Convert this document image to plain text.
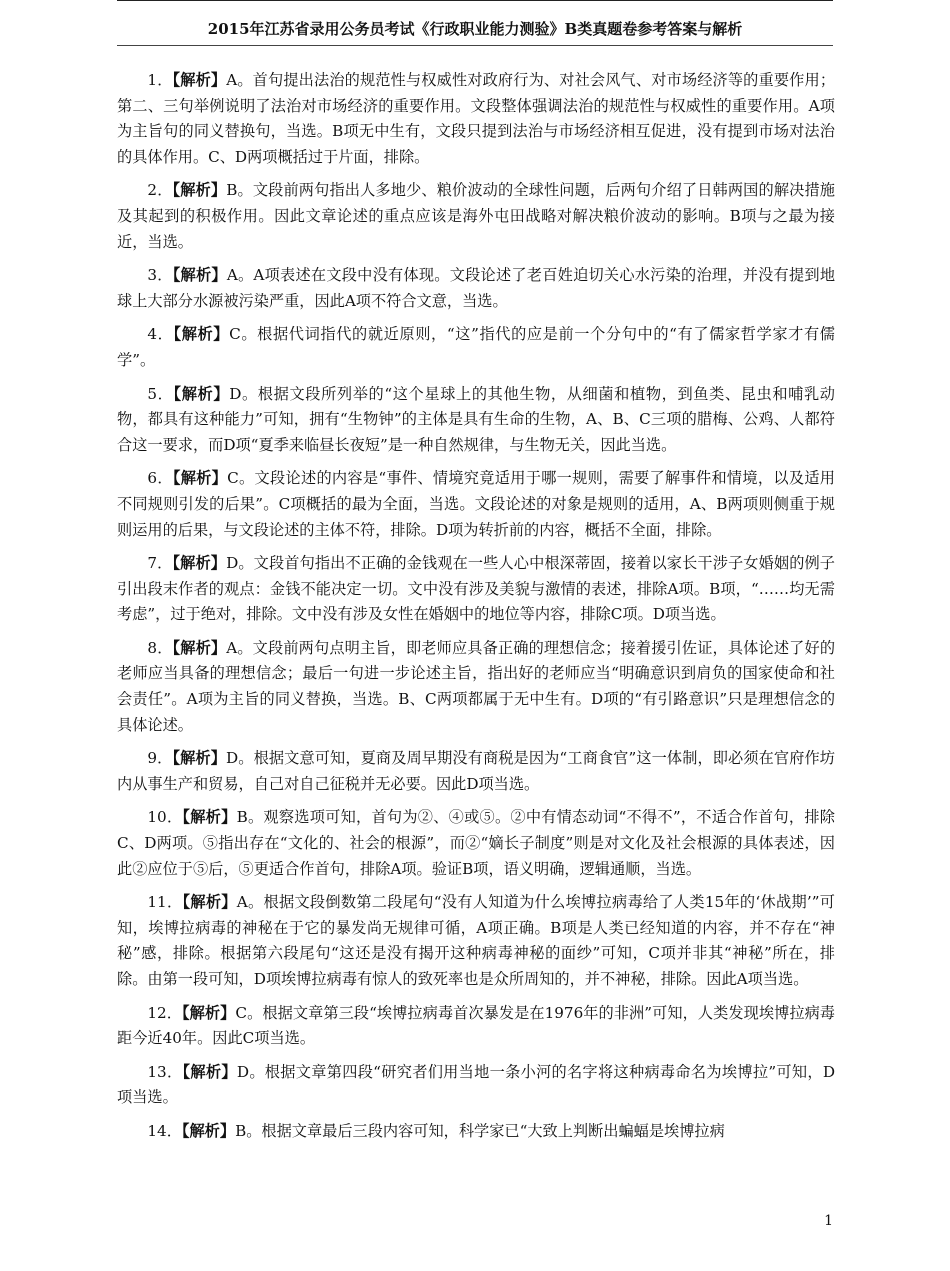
2015年江苏省录用公务员考试《行政职业能力测验》B类真题卷参考答案与解析

1．【解析】A。首句提出法治的规范性与权威性对政府行为、对社会风气、对市场经济等的重要作用；第二、三句举例说明了法治对市场经济的重要作用。文段整体强调法治的规范性与权威性的重要作用。A项为主旨句的同义替换句，当选。B项无中生有，文段只提到法治与市场经济相互促进，没有提到市场对法治的具体作用。C、D两项概括过于片面，排除。

2．【解析】B。文段前两句指出人多地少、粮价波动的全球性问题，后两句介绍了日韩两国的解决措施及其起到的积极作用。因此文章论述的重点应该是海外屯田战略对解决粮价波动的影响。B项与之最为接近，当选。

3．【解析】A。A项表述在文段中没有体现。文段论述了老百姓迫切关心水污染的治理，并没有提到地球上大部分水源被污染严重，因此A项不符合文意，当选。

4．【解析】C。根据代词指代的就近原则，“这”指代的应是前一个分句中的“有了儒家哲学家才有儒学”。

5．【解析】D。根据文段所列举的“这个星球上的其他生物，从细菌和植物，到鱼类、昆虫和哺乳动物，都具有这种能力”可知，拥有“生物钟”的主体是具有生命的生物，A、B、C三项的腊梅、公鸡、人都符合这一要求，而D项“夏季来临昼长夜短”是一种自然规律，与生物无关，因此当选。

6．【解析】C。文段论述的内容是“事件、情境究竟适用于哪一规则，需要了解事件和情境，以及适用不同规则引发的后果”。C项概括的最为全面，当选。文段论述的对象是规则的适用，A、B两项则侧重于规则运用的后果，与文段论述的主体不符，排除。D项为转折前的内容，概括不全面，排除。

7．【解析】D。文段首句指出不正确的金钱观在一些人心中根深蒂固，接着以家长干涉子女婚姻的例子引出段末作者的观点：金钱不能决定一切。文中没有涉及美貌与激情的表述，排除A项。B项，“……均无需考虑”，过于绝对，排除。文中没有涉及女性在婚姻中的地位等内容，排除C项。D项当选。

8．【解析】A。文段前两句点明主旨，即老师应具备正确的理想信念；接着援引佐证，具体论述了好的老师应当具备的理想信念；最后一句进一步论述主旨，指出好的老师应当“明确意识到肩负的国家使命和社会责任”。A项为主旨的同义替换，当选。B、C两项都属于无中生有。D项的“有引路意识”只是理想信念的具体论述。

9．【解析】D。根据文意可知，夏商及周早期没有商税是因为“工商食官”这一体制，即必须在官府作坊内从事生产和贸易，自己对自己征税并无必要。因此D项当选。

10．【解析】B。观察选项可知，首句为②、④或⑤。②中有情态动词“不得不”，不适合作首句，排除C、D两项。⑤指出存在“文化的、社会的根源”，而②“嫡长子制度”则是对文化及社会根源的具体表述，因此②应位于⑤后，⑤更适合作首句，排除A项。验证B项，语义明确，逻辑通顺，当选。

11．【解析】A。根据文段倒数第二段尾句“没有人知道为什么埃博拉病毒给了人类15年的‘休战期’”可知，埃博拉病毒的神秘在于它的暴发尚无规律可循，A项正确。B项是人类已经知道的内容，并不存在“神秘”感，排除。根据第六段尾句“这还是没有揭开这种病毒神秘的面纱”可知，C项并非其“神秘”所在，排除。由第一段可知，D项埃博拉病毒有惊人的致死率也是众所周知的，并不神秘，排除。因此A项当选。

12．【解析】C。根据文章第三段“埃博拉病毒首次暴发是在1976年的非洲”可知，人类发现埃博拉病毒距今近40年。因此C项当选。

13．【解析】D。根据文章第四段“研究者们用当地一条小河的名字将这种病毒命名为埃博拉”可知，D项当选。

14．【解析】B。根据文章最后三段内容可知，科学家已“大致上判断出蝙蝠是埃博拉病

1
